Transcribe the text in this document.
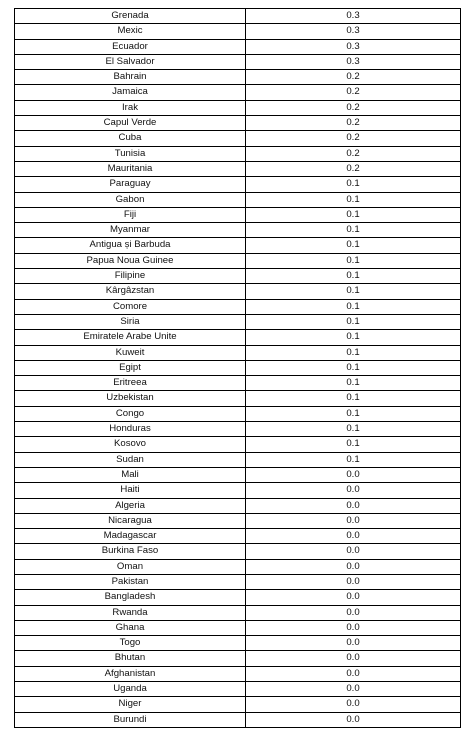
Grenada	0.3
Mexic	0.3
Ecuador	0.3
El Salvador	0.3
Bahrain	0.2
Jamaica	0.2
Irak	0.2
Capul Verde	0.2
Cuba	0.2
Tunisia	0.2
Mauritania	0.2
Paraguay	0.1
Gabon	0.1
Fiji	0.1
Myanmar	0.1
Antigua și Barbuda	0.1
Papua Noua Guinee	0.1
Filipine	0.1
Kârgâzstan	0.1
Comore	0.1
Siria	0.1
Emiratele Arabe Unite	0.1
Kuweit	0.1
Egipt	0.1
Eritreea	0.1
Uzbekistan	0.1
Congo	0.1
Honduras	0.1
Kosovo	0.1
Sudan	0.1
Mali	0.0
Haiti	0.0
Algeria	0.0
Nicaragua	0.0
Madagascar	0.0
Burkina Faso	0.0
Oman	0.0
Pakistan	0.0
Bangladesh	0.0
Rwanda	0.0
Ghana	0.0
Togo	0.0
Bhutan	0.0
Afghanistan	0.0
Uganda	0.0
Niger	0.0
Burundi	0.0
